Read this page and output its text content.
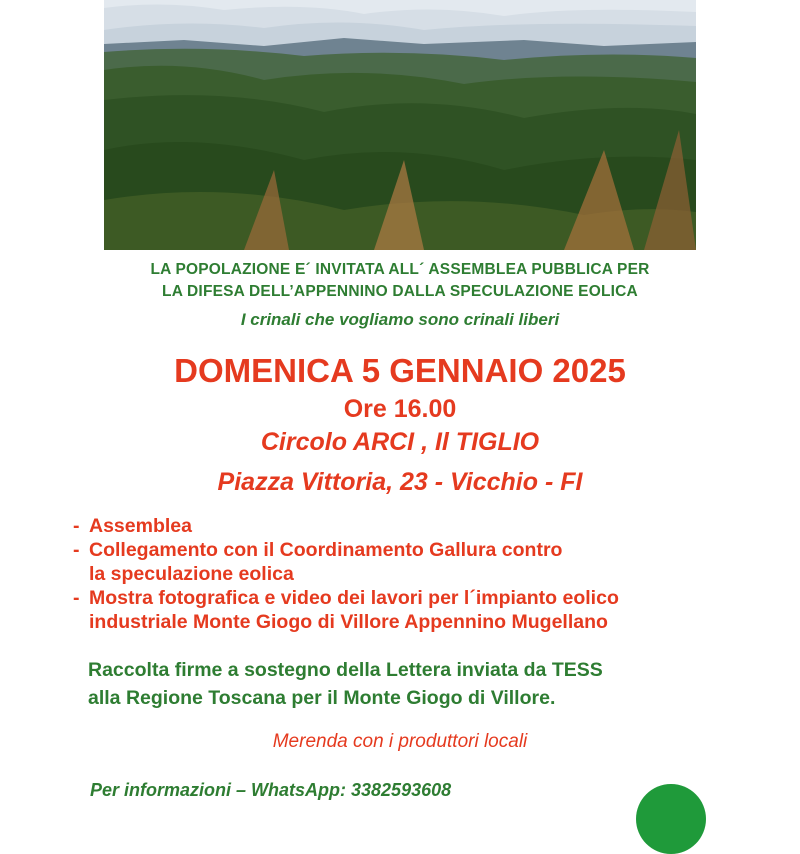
LA POPOLAZIONE E´ INVITATA ALL´ ASSEMBLEA PUBBLICA PER
LA DIFESA DELL’APPENNINO DALLA SPECULAZIONE EOLICA
I crinali che vogliamo sono crinali liberi
DOMENICA 5 GENNAIO 2025
Ore 16.00
Circolo ARCI , Il TIGLIO
Piazza Vittoria, 23 - Vicchio - FI
- Assemblea
- Collegamento con il Coordinamento Gallura contro
la speculazione eolica
- Mostra fotografica e video dei lavori per l´impianto eolico
industriale Monte Giogo di Villore Appennino Mugellano
Raccolta firme a sostegno della Lettera inviata da TESS
alla Regione Toscana per il Monte Giogo di Villore.
Merenda con i produttori locali
Per informazioni – WhatsApp: 3382593608
